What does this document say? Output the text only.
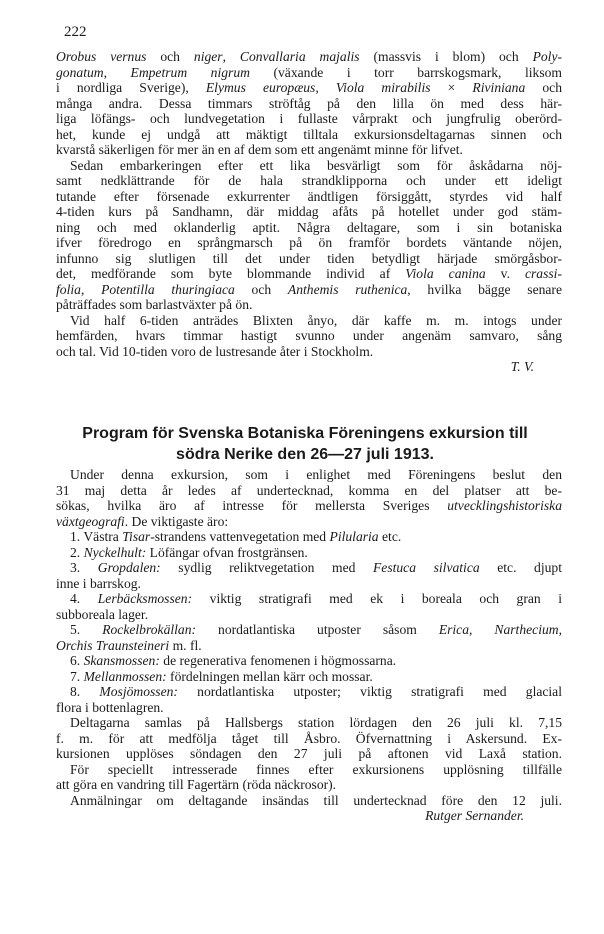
222
Orobus vernus och niger, Convallaria majalis (massvis i blom) och Poly-
gonatum, Empetrum nigrum (växande i torr barrskogsmark, liksom
i nordliga Sverige), Elymus europæus, Viola mirabilis × Riviniana och
många andra. Dessa timmars ströftåg på den lilla ön med dess här-
liga löfängs- och lundvegetation i fullaste vårprakt och jungfrulig oberörd-
het, kunde ej undgå att mäktigt tilltala exkursionsdeltagarnas sinnen och
kvarstå säkerligen för mer än en af dem som ett angenämt minne för lifvet.
Sedan embarkeringen efter ett lika besvärligt som för åskådarna nöj-
samt nedklättrande för de hala strandklipporna och under ett ideligt
tutande efter försenade exkurrenter ändtligen försiggått, styrdes vid half
4-tiden kurs på Sandhamn, där middag afåts på hotellet under god stäm-
ning och med oklanderlig aptit. Några deltagare, som i sin botaniska
ifver föredrogo en språngmarsch på ön framför bordets väntande nöjen,
infunno sig slutligen till det under tiden betydligt härjade smörgåsbor-
det, medförande som byte blommande individ af Viola canina v. crassi-
folia, Potentilla thuringiaca och Anthemis ruthenica, hvilka bägge senare
påträffades som barlastväxter på ön.
Vid half 6-tiden anträdes Blixten ånyo, där kaffe m. m. intogs under
hemfärden, hvars timmar hastigt svunno under angenäm samvaro, sång
och tal. Vid 10-tiden voro de lustresande åter i Stockholm.
T. V.
Program för Svenska Botaniska Föreningens exkursion till
södra Nerike den 26—27 juli 1913.
Under denna exkursion, som i enlighet med Föreningens beslut den
31 maj detta år ledes af undertecknad, komma en del platser att be-
sökas, hvilka äro af intresse för mellersta Sveriges utvecklingshistoriska
växtgeografi. De viktigaste äro:
1. Västra Tisar-strandens vattenvegetation med Pilularia etc.
2. Nyckelhult: Löfängar ofvan frostgränsen.
3. Gropdalen: sydlig reliktvegetation med Festuca silvatica etc. djupt
inne i barrskog.
4. Lerbäcksmossen: viktig stratigrafi med ek i boreala och gran i
subboreala lager.
5. Rockelbrokällan: nordatlantiska utposter såsom Erica, Narthecium,
Orchis Traunsteineri m. fl.
6. Skansmossen: de regenerativa fenomenen i högmossarna.
7. Mellanmossen: fördelningen mellan kärr och mossar.
8. Mosjömossen: nordatlantiska utposter; viktig stratigrafi med glacial
flora i bottenlagren.
Deltagarna samlas på Hallsbergs station lördagen den 26 juli kl. 7,15
f. m. för att medfölja tåget till Åsbro. Öfvernattning i Askersund. Ex-
kursionen upplöses söndagen den 27 juli på aftonen vid Laxå station.
För speciellt intresserade finnes efter exkursionens upplösning tillfälle
att göra en vandring till Fagertärn (röda näckrosor).
Anmälningar om deltagande insändas till undertecknad före den 12 juli.
Rutger Sernander.
